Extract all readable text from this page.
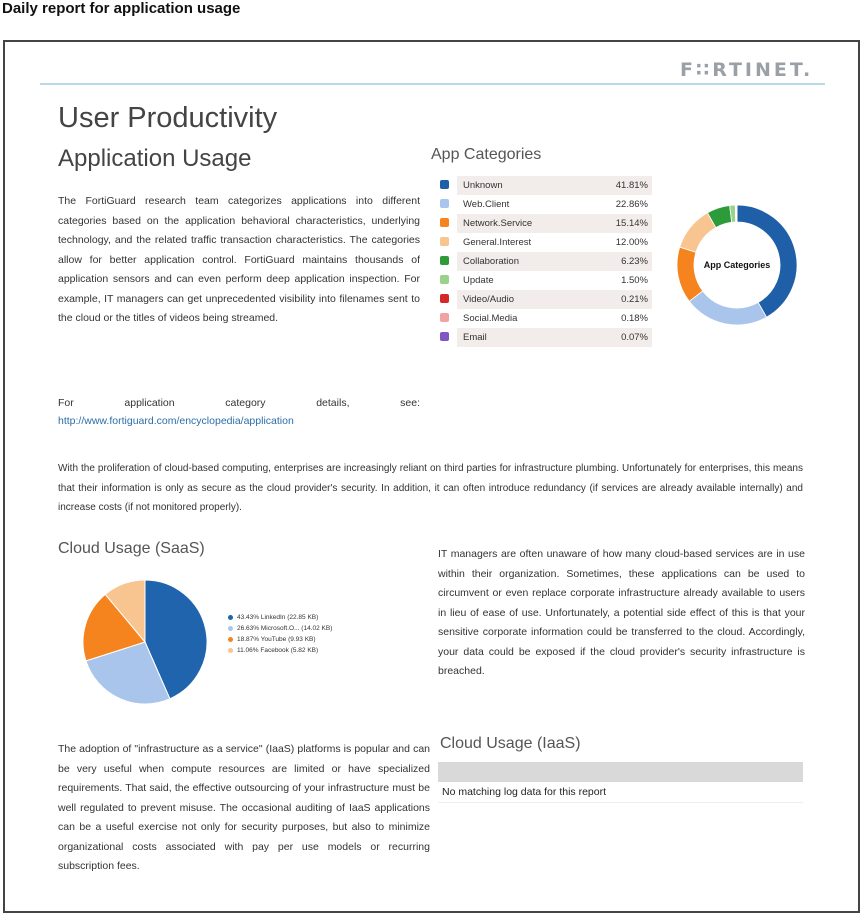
Daily report for application usage
F∷RTINET.
User Productivity
Application Usage

The FortiGuard research team categorizes applications into different categories based on the application behavioral characteristics, underlying technology, and the related traffic transaction characteristics. The categories allow for better application control. FortiGuard maintains thousands of application sensors and can even perform deep application inspection. For example, IT managers can get unprecedented visibility into filenames sent to the cloud or the titles of videos being streamed.

For application category details, see:
http://www.fortiguard.com/encyclopedia/application
App Categories
	Unknown	41.81%
	Web.Client	22.86%
	Network.Service	15.14%
	General.Interest	12.00%
	Collaboration	6.23%
	Update	1.50%
	Video/Audio	0.21%
	Social.Media	0.18%
	Email	0.07%
App Categories

With the proliferation of cloud-based computing, enterprises are increasingly reliant on third parties for infrastructure plumbing. Unfortunately for enterprises, this means that their information is only as secure as the cloud provider's security. In addition, it can often introduce redundancy (if services are already available internally) and increase costs (if not monitored properly).

Cloud Usage (SaaS)
43.43% LinkedIn (22.85 KB)
26.63% Microsoft.O... (14.02 KB)
18.87% YouTube (9.93 KB)
11.06% Facebook (5.82 KB)

IT managers are often unaware of how many cloud-based services are in use within their organization. Sometimes, these applications can be used to circumvent or even replace corporate infrastructure already available to users in lieu of ease of use. Unfortunately, a potential side effect of this is that your sensitive corporate information could be transferred to the cloud. Accordingly, your data could be exposed if the cloud provider's security infrastructure is breached.

The adoption of "infrastructure as a service" (IaaS) platforms is popular and can be very useful when compute resources are limited or have specialized requirements. That said, the effective outsourcing of your infrastructure must be well regulated to prevent misuse. The occasional auditing of IaaS applications can be a useful exercise not only for security purposes, but also to minimize organizational costs associated with pay per use models or recurring subscription fees.

Cloud Usage (IaaS)
No matching log data for this report
